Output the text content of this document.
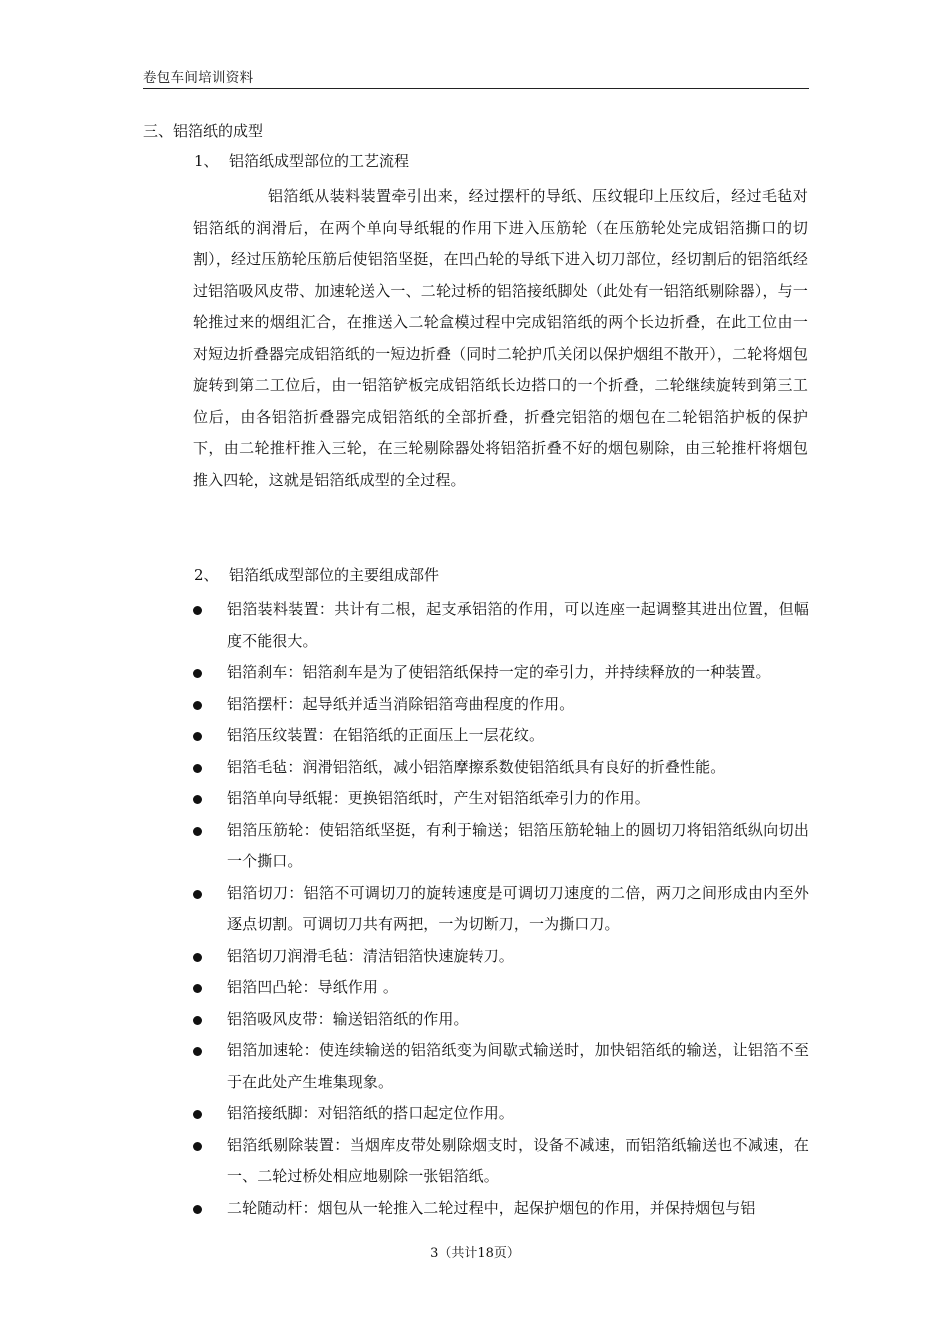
卷包车间培训资料
三、铝箔纸的成型
1、 铝箔纸成型部位的工艺流程
铝箔纸从装料装置牵引出来，经过摆杆的导纸、压纹辊印上压纹后，经过毛毡对铝箔纸的润滑后，在两个单向导纸辊的作用下进入压筋轮（在压筋轮处完成铝箔撕口的切割），经过压筋轮压筋后使铝箔坚挺，在凹凸轮的导纸下进入切刀部位，经切割后的铝箔纸经过铝箔吸风皮带、加速轮送入一、二轮过桥的铝箔接纸脚处（此处有一铝箔纸剔除器），与一轮推过来的烟组汇合，在推送入二轮盒模过程中完成铝箔纸的两个长边折叠，在此工位由一对短边折叠器完成铝箔纸的一短边折叠（同时二轮护爪关闭以保护烟组不散开），二轮将烟包旋转到第二工位后，由一铝箔铲板完成铝箔纸长边搭口的一个折叠，二轮继续旋转到第三工位后，由各铝箔折叠器完成铝箔纸的全部折叠，折叠完铝箔的烟包在二轮铝箔护板的保护下，由二轮推杆推入三轮，在三轮剔除器处将铝箔折叠不好的烟包剔除，由三轮推杆将烟包推入四轮，这就是铝箔纸成型的全过程。
2、 铝箔纸成型部位的主要组成部件
铝箔装料装置：共计有二根，起支承铝箔的作用，可以连座一起调整其进出位置，但幅度不能很大。
铝箔刹车：铝箔刹车是为了使铝箔纸保持一定的牵引力，并持续释放的一种装置。
铝箔摆杆：起导纸并适当消除铝箔弯曲程度的作用。
铝箔压纹装置：在铝箔纸的正面压上一层花纹。
铝箔毛毡：润滑铝箔纸，减小铝箔摩擦系数使铝箔纸具有良好的折叠性能。
铝箔单向导纸辊：更换铝箔纸时，产生对铝箔纸牵引力的作用。
铝箔压筋轮：使铝箔纸坚挺，有利于输送；铝箔压筋轮轴上的圆切刀将铝箔纸纵向切出一个撕口。
铝箔切刀：铝箔不可调切刀的旋转速度是可调切刀速度的二倍，两刀之间形成由内至外逐点切割。可调切刀共有两把，一为切断刀，一为撕口刀。
铝箔切刀润滑毛毡：清洁铝箔快速旋转刀。
铝箔凹凸轮：导纸作用 。
铝箔吸风皮带：输送铝箔纸的作用。
铝箔加速轮：使连续输送的铝箔纸变为间歇式输送时，加快铝箔纸的输送，让铝箔不至于在此处产生堆集现象。
铝箔接纸脚：对铝箔纸的搭口起定位作用。
铝箔纸剔除装置：当烟库皮带处剔除烟支时，设备不减速，而铝箔纸输送也不减速，在一、二轮过桥处相应地剔除一张铝箔纸。
二轮随动杆：烟包从一轮推入二轮过程中，起保护烟包的作用，并保持烟包与铝
3（共计18页）
